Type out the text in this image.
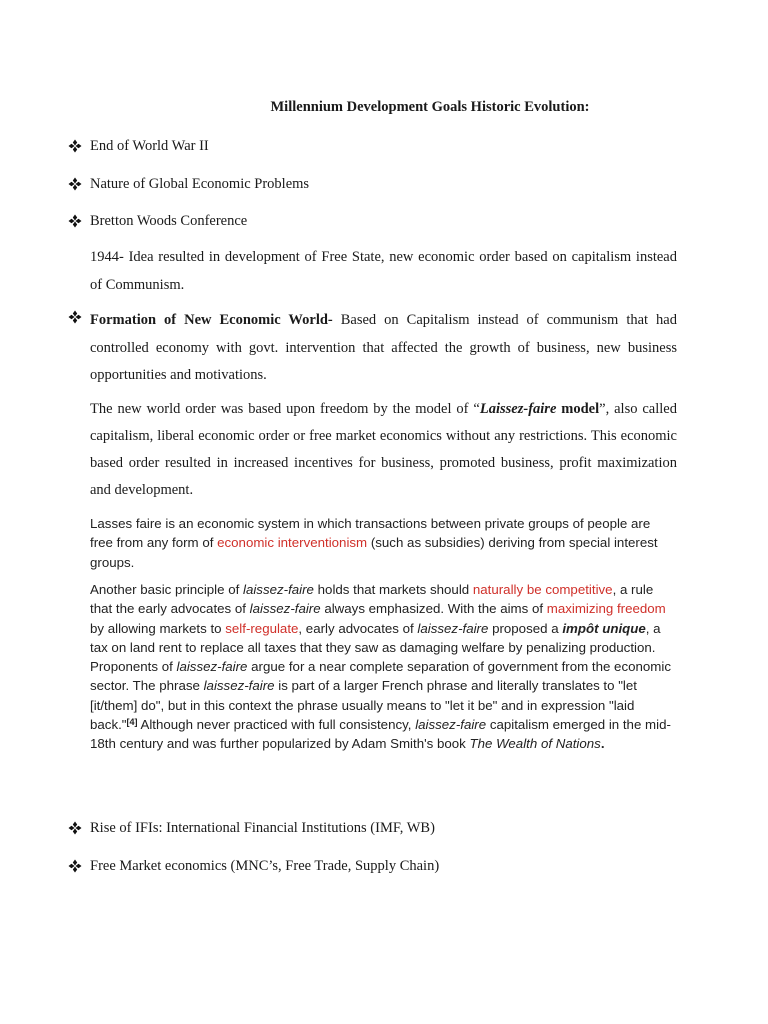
Millennium Development Goals Historic Evolution:
End of World War II
Nature of Global Economic Problems
Bretton Woods Conference
1944- Idea resulted in development of Free State, new economic order based on capitalism instead of Communism.
Formation of New Economic World- Based on Capitalism instead of communism that had controlled economy with govt. intervention that affected the growth of business, new business opportunities and motivations.
The new world order was based upon freedom by the model of “Laissez-faire model”, also called capitalism, liberal economic order or free market economics without any restrictions. This economic based order resulted in increased incentives for business, promoted business, profit maximization and development.
Lasses faire is an economic system in which transactions between private groups of people are free from any form of economic interventionism (such as subsidies) deriving from special interest groups.
Another basic principle of laissez-faire holds that markets should naturally be competitive, a rule that the early advocates of laissez-faire always emphasized. With the aims of maximizing freedom by allowing markets to self-regulate, early advocates of laissez-faire proposed a impôt unique, a tax on land rent to replace all taxes that they saw as damaging welfare by penalizing production. Proponents of laissez-faire argue for a near complete separation of government from the economic sector. The phrase laissez-faire is part of a larger French phrase and literally translates to "let [it/them] do", but in this context the phrase usually means to "let it be" and in expression "laid back."[4] Although never practiced with full consistency, laissez-faire capitalism emerged in the mid-18th century and was further popularized by Adam Smith's book The Wealth of Nations.
Rise of IFIs: International Financial Institutions (IMF, WB)
Free Market economics (MNC’s, Free Trade, Supply Chain)
